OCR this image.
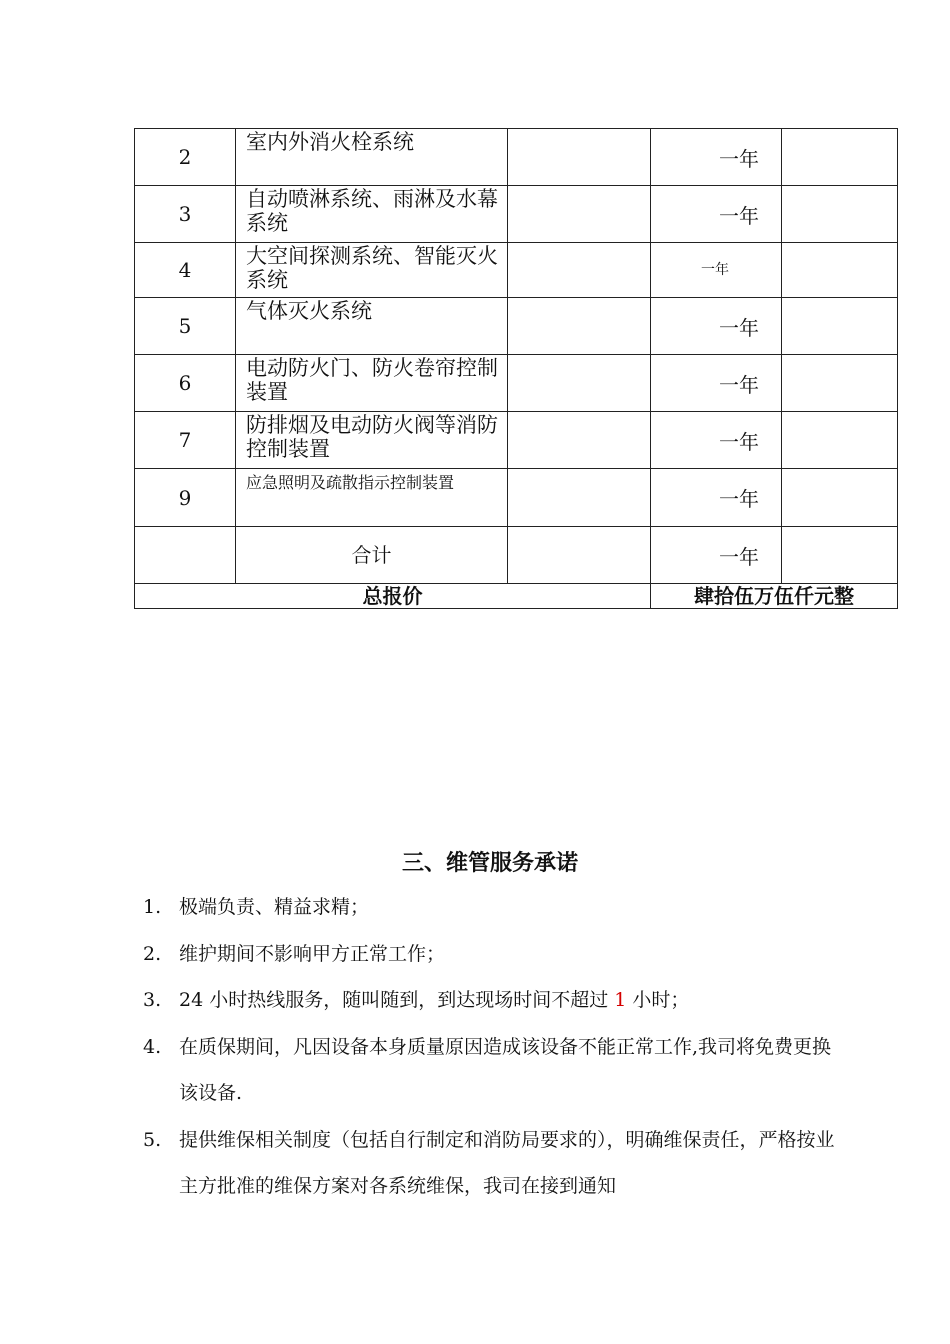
2	室内外消火栓系统		一年	
3	自动喷淋系统、雨淋及水幕系统		一年	
4	大空间探测系统、智能灭火系统		一年	
5	气体灭火系统		一年	
6	电动防火门、防火卷帘控制装置		一年	
7	防排烟及电动防火阀等消防控制装置		一年	
9	应急照明及疏散指示控制装置		一年	
	合计		一年	
总报价			肆拾伍万伍仟元整	
三、维管服务承诺
1. 极端负责、精益求精；
2. 维护期间不影响甲方正常工作；
3. 24 小时热线服务，随叫随到，到达现场时间不超过 1 小时；
4. 在质保期间，凡因设备本身质量原因造成该设备不能正常工作,我司将免费更换该设备.
5. 提供维保相关制度（包括自行制定和消防局要求的），明确维保责任，严格按业主方批准的维保方案对各系统维保，我司在接到通知
